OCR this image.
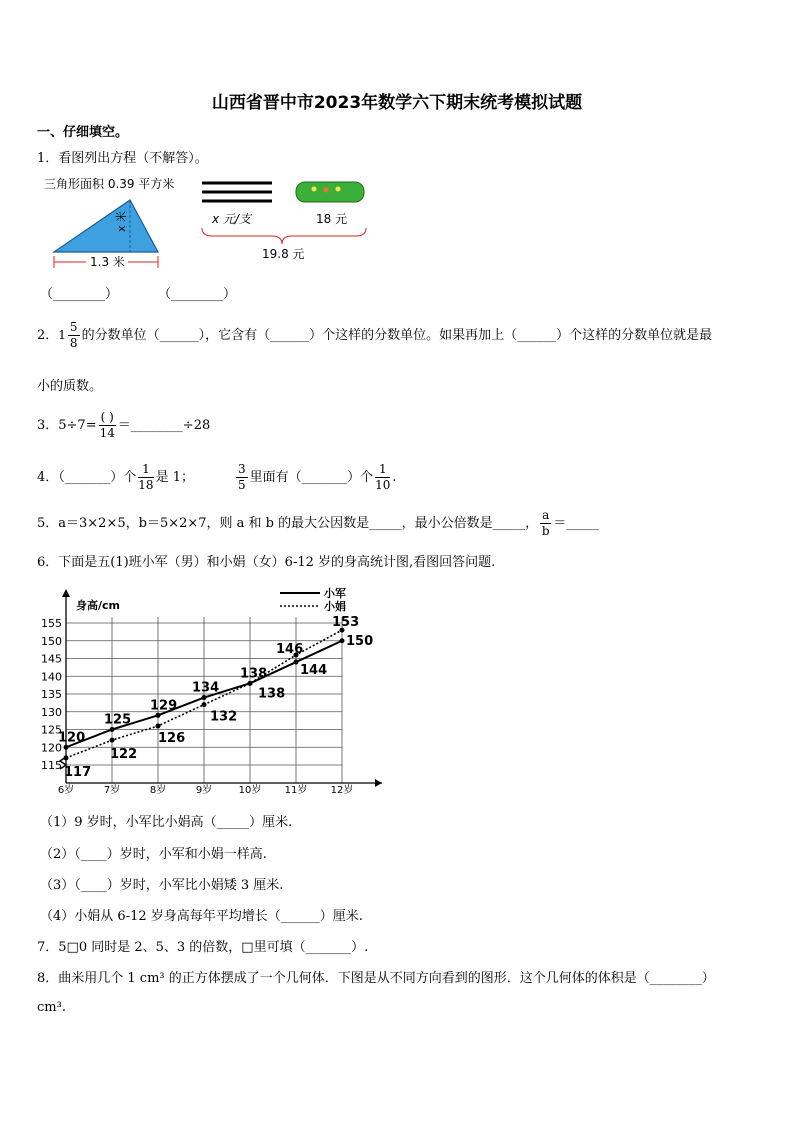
山西省晋中市2023年数学六下期末统考模拟试题
一、仔细填空。
1．看图列出方程（不解答）。
三角形面积 0.39 平方米
x 米
1.3 米
x 元/支	18 元
19.8 元
（________）	（________）
2．$1 \frac{5}{8}$ 的分数单位（______），它含有（______）个这样的分数单位。如果再加上（______）个这样的分数单位就是最
小的质数。
3．$5\div 7= \frac{( )}{14}$ ＝________÷28
4．（_______）个 $\frac{1}{18}$ 是 1；	$\frac{3}{5}$ 里面有（_______）个 $\frac{1}{10}$ .
5．a＝3×2×5，b＝5×2×7，则 a 和 b 的最大公因数是_____，最小公倍数是_____， $\frac{a}{b}$ ＝_____
6．下面是五(1)班小军（男）和小娟（女）6-12 岁的身高统计图,看图回答问题.
115
120
125
130
135
140
145
150
155
6岁	7岁	8岁	9岁	10岁 11岁 12岁
身高/cm
小军
小娟
120
125
129
134
138	144
150
117
122
126
132
138
146
153
（1）9 岁时，小军比小娟高（_____）厘米.
（2）（____）岁时，小军和小娟一样高.
（3）（____）岁时，小军比小娟矮 3 厘米.
（4）小娟从 6-12 岁身高每年平均增长（______）厘米.
7．5□0 同时是 2、5、3 的倍数，□里可填（_______）.
8．曲米用几个 1 cm³ 的正方体摆成了一个几何体．下图是从不同方向看到的图形．这个几何体的体积是（________）
cm³.
